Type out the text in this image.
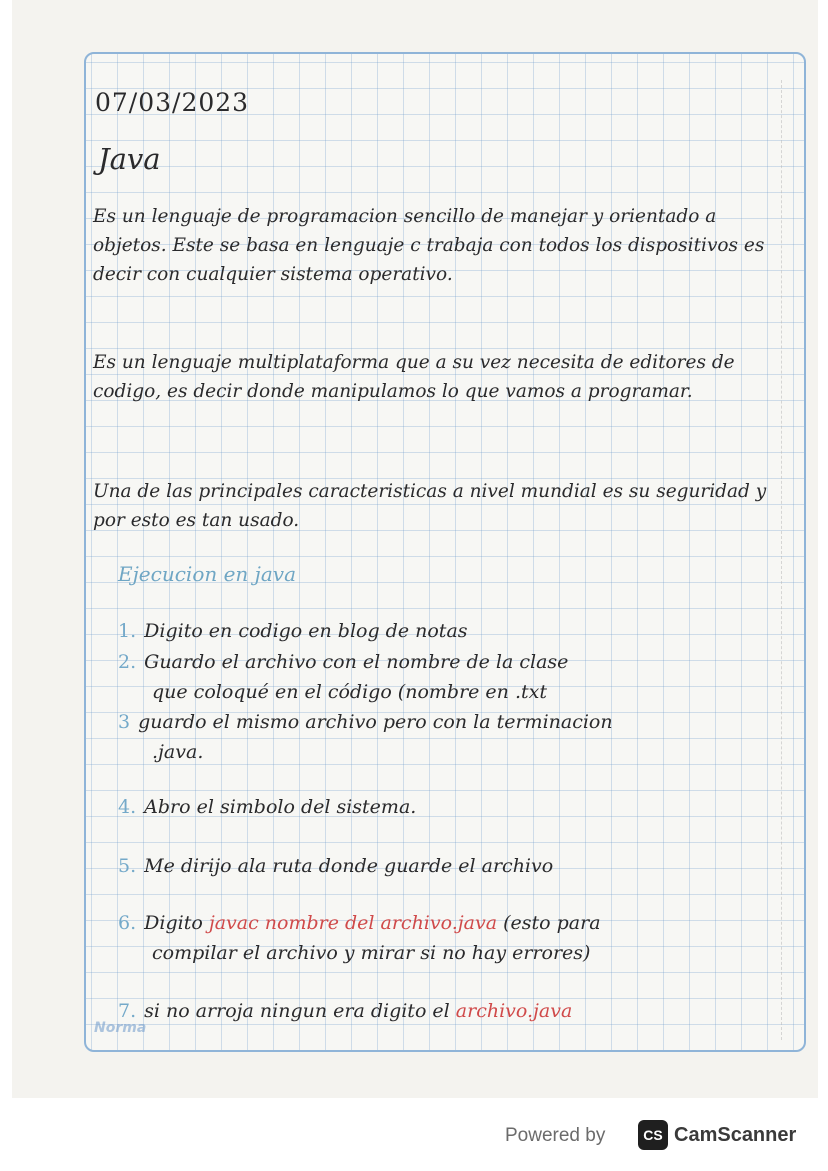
07/03/2023
Java
Es un lenguaje de programacion sencillo de manejar y orientado a objetos. Este se basa en lenguaje c trabaja con todos los dispositivos es decir con cualquier sistema operativo.
Es un lenguaje multiplataforma que a su vez necesita de editores de codigo, es decir donde manipulamos lo que vamos a programar.
Una de las principales caracteristicas a nivel mundial es su seguridad y por esto es tan usado.
Ejecucion en java
1. Digito en codigo en blog de notas
2. Guardo el archivo con el nombre de la clase
que coloqué en el código (nombre en .txt
3 guardo el mismo archivo pero con la terminacion
.java.
4. Abro el simbolo del sistema.
5. Me dirijo ala ruta donde guarde el archivo
6. Digito javac nombre del archivo.java (esto para
compilar el archivo y mirar si no hay errores)
7. si no arroja ningun era digito el archivo.java
Norma
Powered by	CS CamScanner
